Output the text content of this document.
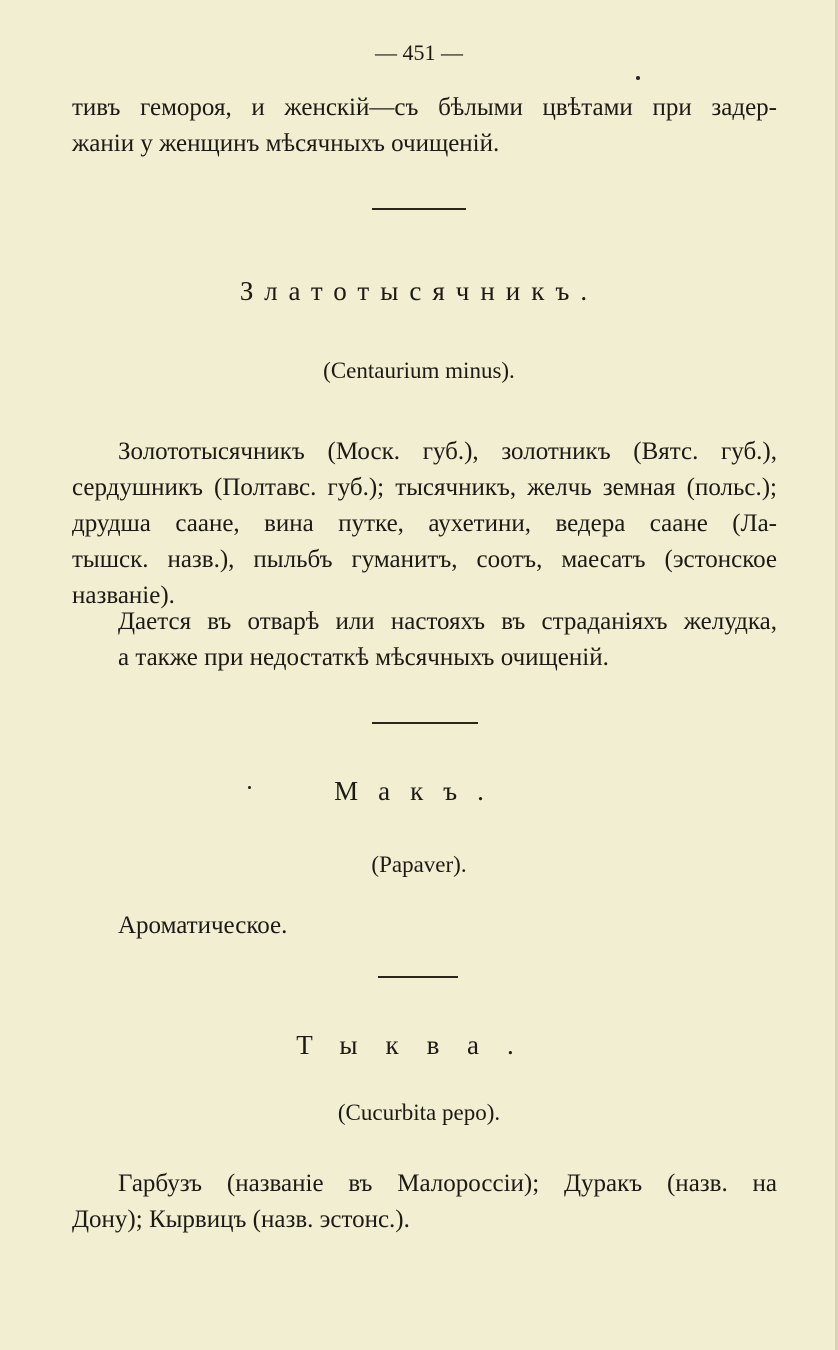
— 451 —
тивъ гемороя, и женскій—съ бѣлыми цвѣтами при задер-
жаніи у женщинъ мѣсячныхъ очищеній.
Златотысячникъ.
(Centaurium minus).
Золототысячникъ (Моск. губ.), золотникъ (Вятс. губ.),
сердушникъ (Полтавс. губ.); тысячникъ, желчь земная (польс.);
друдша саане, вина путке, аухетини, ведера саане (Ла-
тышск. назв.), пыльбъ гуманитъ, соотъ, маесатъ (эстонское
названіе).
Дается въ отварѣ или настояхъ въ страданіяхъ желудка,
а также при недостаткѣ мѣсячныхъ очищеній.
Макъ.
(Papaver).
Ароматическое.
Тыква.
(Cucurbita pepo).
Гарбузъ (названіе въ Малороссіи); Дуракъ (назв. на
Дону); Кырвицъ (назв. эстонс.).
